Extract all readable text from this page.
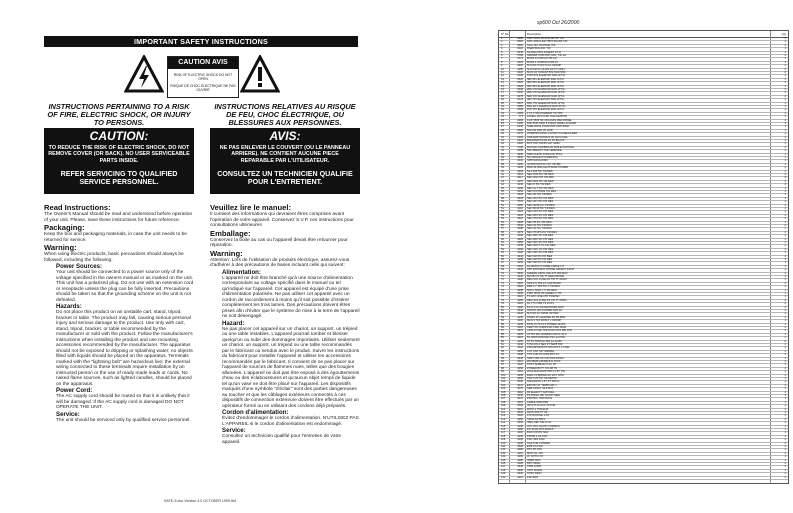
IMPORTANT SAFETY INSTRUCTIONS
CAUTION AVIS
RISK OF ELECTRIC SHOCK DO NOT OPEN
RISQUE DE CHOC ELECTRIQUE NE PAS OUVRIR
INSTRUCTIONS PERTAINING TO A RISK OF FIRE, ELECTRIC SHOCK, OR INJURY TO PERSONS.
INSTRUCTIONS RELATIVES AU RISQUE DE FEU, CHOC ÉLECTRIQUE, OU BLESSURES AUX PERSONNES.
CAUTION:
TO REDUCE THE RISK OF ELECTRIC SHOCK, DO NOT REMOVE COVER (OR BACK). NO USER SERVICEABLE PARTS INSIDE.
REFER SERVICING TO QUALIFIED SERVICE PERSONNEL.
AVIS:
NE PAS ENLEVER LE COUVERT (OU LE PANNEAU ARRIERE). NE CONTIENT AUCUNE PIECE REPARABLE PAR L'UTILISATEUR.
CONSULTEZ UN TECHNICIEN QUALIFIE POUR L'ENTRETIENT.
Read Instructions:
The Owner's Manual should be read and understood before operation of your unit. Please, save these instructions for future reference.
Packaging:
Keep the box and packaging materials, in case the unit needs to be returned for service.
Warning:
When using electric products, basic precautions should always be followed, including the following:
Power Sources:
Your unit should be connected to a power source only of the voltage specified in the owners manual or as marked on the unit. This unit has a polarized plug. Do not use with an extension cord or receptacle unless the plug can be fully inserted. Precautions should be taken so that the grounding scheme on the unit is not defeated.
Hazards:
Do not place this product on an unstable cart, stand, tripod, bracket or table. The product may fall, causing serious personal injury and serious damage to the product. Use only with cart, stand, tripod, bracket, or table recommended by the manufacturer or sold with the product. Follow the manufacturer's instructions when installing the product and use mounting accessories recommended by the manufacturer. The apparatus should not be exposed to dripping or splashing water; no objects filled with liquids should be placed on the apparatus. Terminals marked with the "lightning bolt" are hazardous live; the external wiring connected to these terminals require installation by an instructed person or the use of ready made leads or cords. No naked flame sources, such as lighted candles, should be placed on the apparatus.
Power Cord:
The AC supply cord should be routed so that it is unlikely that it will be damaged. If the AC supply cord is damaged DO NOT OPERATE THE UNIT.
Service:
The unit should be serviced only by qualified service personnel.
Veuillez lire le manuel:
Il contient des informations qui devraient êtres comprises avant l'opération de votre appareil. Conservez S.V.P. ces instructions pour consultations ultérieures
Emballage:
Conservez la boite au cas ou l'appareil devait être retourner pour réparation.
Warning:
Attention: Lors de l'utilisation de produits électrique, assurez-vous d'adhérer à des précautions de bases incluant celle qui suivent:
Alimentation:
L'appareil ne doit être branché qu'à une source d'alimentation correspondant au voltage spécifié dans le manuel ou tel qu'indiqué sur l'appareil. Cet appareil est équipé d'une prise d'alimentation polarisée. Ne pas utiliser cet appareil avec un cordon de raccordement à moins qu'il soit possible d'insérer complètement les trois lames. Des précautions doivent êtres prises afin d'éviter que le système de mise à la terre de l'appareil ne soit désengagé.
Hazard:
Ne pas placer cet appareil sur un chariot, un support, un trépied ou une table instables. L'appareil pourrait tomber et blesser quelqu'un ou subir des dommages importants. Utiliser seulement un chariot, un support, un trépied ou une table recommandés par le fabricant ou vendus avec le produit. Suivre les instructions du fabricant pour installer l'appareil et utiliser les accessoires recommandés par le fabricant. Il convient de ne pas placer sur l'appareil de sources de flammes nues, telles que des bougies allumées. L'appareil ne doit pas être exposé à des égouttements d'eau ou des éclaboussures et qu'aucun objet rempli de liquide tel qu'un vase ne doit être placé sur l'appareil. Les dispositifs marqués d'une symbole "d'éclair" sont des parties dangereuses au toucher et que les câblages extérieurs connectés à ces dispositifs de connection extérieure doivent être effectués par un opérateur formé ou en utilisant des cordons déjà préparés.
Cordon d'alimentation:
Évitez d'endommager le cordon d'alimentation. N'UTILISEZ PAS L'APPAREIL si le cordon d'alimentation est endommagé.
Service:
Consultez un technicien qualifié pour l'entretien de votre appareil.
SAFE-5.doc Version 4.0 OCTOBER 1999 AM
sp600 Oct 26/2000
Nº No.	Description	Qty
1	0480 SW1 SALD 1M 2DA SM SP T/R	3
2	0681 SPG 10DU LED TMTP BLANK T/R	1
3	0684 SGG 76V GA PAGE 70K	1
4	0426 RSEN 8M1 AN1 T/R	1
5	0442 NL2N4A 5001 D1HERT HT R	1
6	0768 SPRM05 7000 PNP CAN, T/R 1/A	1
7	2174 BOSS 12 DGPAN T/R 1/2	1
8	0432 BOSS 1 SOMTAFLTSB 1S	3
9	4462 5LT2CP IC ROTU AL OPAMP	1
10	4466 5LT2C30 IC QUAD OA T/1 ONLY	1
11	0420 MAN 3/2 TANCAP 50V RAD 5/60	2
12	0496 T065 50V ELEMCAP RAD JFT/A	1
13	0222 0E0 50V ELEMCAP RAD JFT/A	1
14	0226 0E0 50V ELEMCAP RAD JFT/A	1
15	0228 2E6 53V ELEMCAP RAD JFT/A	1
16	0240 2E6 1.5V ELEMCAP RAD JFT/A	3
17	0236 2E6 4.5V ELEMCAP RAD JFT/A	2
18	0278 6E6 3.5V ELEMCAP RAD JFT/A	4
19	0247 3E0 75V ELEMCAP RAD JFT/A	1
20	0267 R0U 75V ELEMCAP RAD JFT/A	1
21	0265 R0U 2A V ELEMCAP RAD JFT/A	1
22	0406 2U0 75V ELEMCAP RAD JFT/A	1
23	2165 1 T0 V GM POWERR T/S TPR	1
24	774 LASELL 2P1 CLRF OLH4 EZRT00	1
25	2409 CLIP 3535 SD 15CANAS DIECORNEL	1
26	2400 2DP 5530 5160 5 2160CI WIRE LR 5OHM	1
27	2440 SHELLED E PLAN DUB CARTRIGE	1
28	2460 5W LS2 PAD LD HOR	1
29	2475 INTERNATIONAL FCO3LIT FUSEHOLDER	1
30	2125 USB AMP 5OAMO3 JR 16/2 FUSE	1
31	2422 BLEXPEDON KN AC PA BLACK	1
32	2480 BUTTON VSOB FLAT GREY	1
33	3700 ROTARY KNOB/ALAD SMILE POINTER	1
34	2495 SFF BREAST TAD LEBEGRE	1
35	4900 SMD CLETE STRL/LOK POL1	1
36	4902 5M CIRCLE POLDERJPM	1
37	2432 SPM NATALIOMC	1
38	4492 QU45D 5CLT00 74V T/R JEF	1
39	4403 RAM 96 68FLAM ATSM4P POWER	1
40	4405 5A 0 925 5% T/R RES	1
41	4412 SEO 9G9 5% T/R RES	4
42	4417 SEO 9GN 5% T/R RES	3
43	4437 SEO 9G9 5% T/R RES	1
44	4440 SEO 9' 5% T/R RES	2
45	4432 SEO 11.7 5% T/R RES	1
46	4454 SEO 9.9 5%MS T/R RES	1
47	4430 SEO 2K 5% T/R RES	1
48	4434 SEO 2K2 5% T/R RES	3
49	4770 SEO 4K7 5% T/R RES	1
50	4450 SEO 4K99 1% T/R RES	1
51	4418 SEO 6K99 5% T/R RES	1
52	4410 SEO 15K 5% T/R RES	1
53	4436 SEO 6K3 5% T/R RES	1
54	4412 SEO 7K5 5% T/R RES	1
55	4408 SEO 66 5% T/R RES	1
56	4502 SEO 1K 5% T/R RES	2
57	4498 SEO 1K 5% T/R RES	1
58	4479 SEO 7K48 5.2% T/R RES	1
59	4460 SEO 55K 5% T/R RES	1
60	4492 SEO 86K 5% T/R RES	1
61	4458 SEO 30K 5% T/R RES	1
62	4405 SEO 30K 5.7% T/R RES	2
63	4400 SEO 10K 1% T/R RES	1
64	4402 SEO 50K 5% T/R RES	1
65	4442 SEO 1M 5% T/R RES	1
66	4409 SEO 2M 5% T/R RES	1
67	4453 SEO 5M 5% T/R RES	1
68	2410 AC BLACK 5 CORE CABLE 1.6	1
69	4436 SPP EXPSSMT ORNSE GMIRDT 24PST	1
70	4530 SLEEVE CAPH OLE 47X 250 MAX	1
71	4440 5M 2B 1.5 T/R TT ELECTRODE	1
72	4490 REG SCL FUSE AS T/R TT 2000C	1
73	4310 ADS 2.5 TAS 0.1 CHP BORD	1
74	4326 RBS 2.7 TAS 5% 1 T/R RES	1
75	4308 5K5 2 TASO 7 5 T/R RES	1
76	4306 PISO WOR OF GEREN 5 T/R	1
77	4310 TS APO GSE 17B TOMPAD	1
78	4405 REG SCL FUSE AS T/R TT 2000C	2
79	4310 RL 7 5 1 5R5 TS 10 R1	2
80	4480 FSTI 3 CO AS NETWORK RAD	1
81	4440 SGTIS7 2K2 POWER AND 2A	1
82	4420 5LT2CP 1C SPDR OP PAD	1
83	4430 DS2P1 PC HEADER 2D D5 9MS	1
84	4400 MAN 3 TA5 2D/5LT 1 OPAMP	1
85	4469 FPSL 1CTL3 5.6 POWER JR R/F	1
86	4410 CERT S5 CORDS RD FMD JFHR	1
87	4470 CAPLO DSE TPE DS04 OO4 R/E FFR	1
88	4406 HTTP2 MA 120MRR FOR FF 24 C	1
89	4415 5V SWITCHMODE PSU 1A POE	1
90	4460 5V 5V SWITCH ISO 1A 12 BK	2
91	4440 5YNCON 4 SEO 3T SEP8 55K	1
92	4432 PROCESSOR PC MOUNT 2 1 3 ME	1
93	4450 CUT CAP SD THR/REL	1
94	4498 TPS CUD PK HOM BTO 1V	1
95	4440 SPRT CBL PLT MOTOR AZTEC	1
96	4412 RR 65HB GRNSE B.D 16 PF	1
97	4430 TR3 5 SLEEVE PI 1C FIT	1
98	4450 POWER BUTT ON SB TD	1
99	4452 WOA DLB ADAPTOR KT BY T/R	1
100	4465 RAM 1.5 BOPER AC HOT NTM	1
101	4400 CAP 5 2S 5% T/R MMTM	1
102	5000 SWA RHUR 1 5V ST SW IO	1
103	4070 EMI 60V AT TERIB NAT 1	1
104	4075 SER ASSTK 43 8 MA1	1
105	4910 PA ELEM PT SATCNEL	1
106	3040 PS PANAL RB TH ANT MED	1
107	3070 PROTEC TOR DOCS	1
108	4015 CABLE ITEM PAN	1
109	5400 ISO FIT CLOCK 10 FUB	1
110	5410 PACK 2 TUB ELM	1
111	4500 LESS SNP F7 SK	1
112	5100 LTP RSTDNE 1 AX	1
113	4450 SSNA SA SPPL	1
114	4430 IDEG SEK SALS CO	1
115	4408 LPC CPC SCOTT FORMCS	1
116	4458 FIX DUAL RTA PARKS	1
117	4400 RAD CONTR NLR	1
118	4440 PRISM 1 LE PCP	1
119	4430 PDC SPA CAM	1
120	4430 CAS TOE CONFER	1
121	4600 EVB 70 A MS	1
122	4490 RST PP HDL	1
123	4410 MAN TLL 10T	1
124	4469 AY OPTIC PK	1
125	4420 INSET BLD	1
126	4400 RPC SKIDL	1
127	4440 TRIM LORN	1
128	4490 UNIT SCALE	1
129	4400 STRO DEST	1
130	4410 PLE BAD	1
